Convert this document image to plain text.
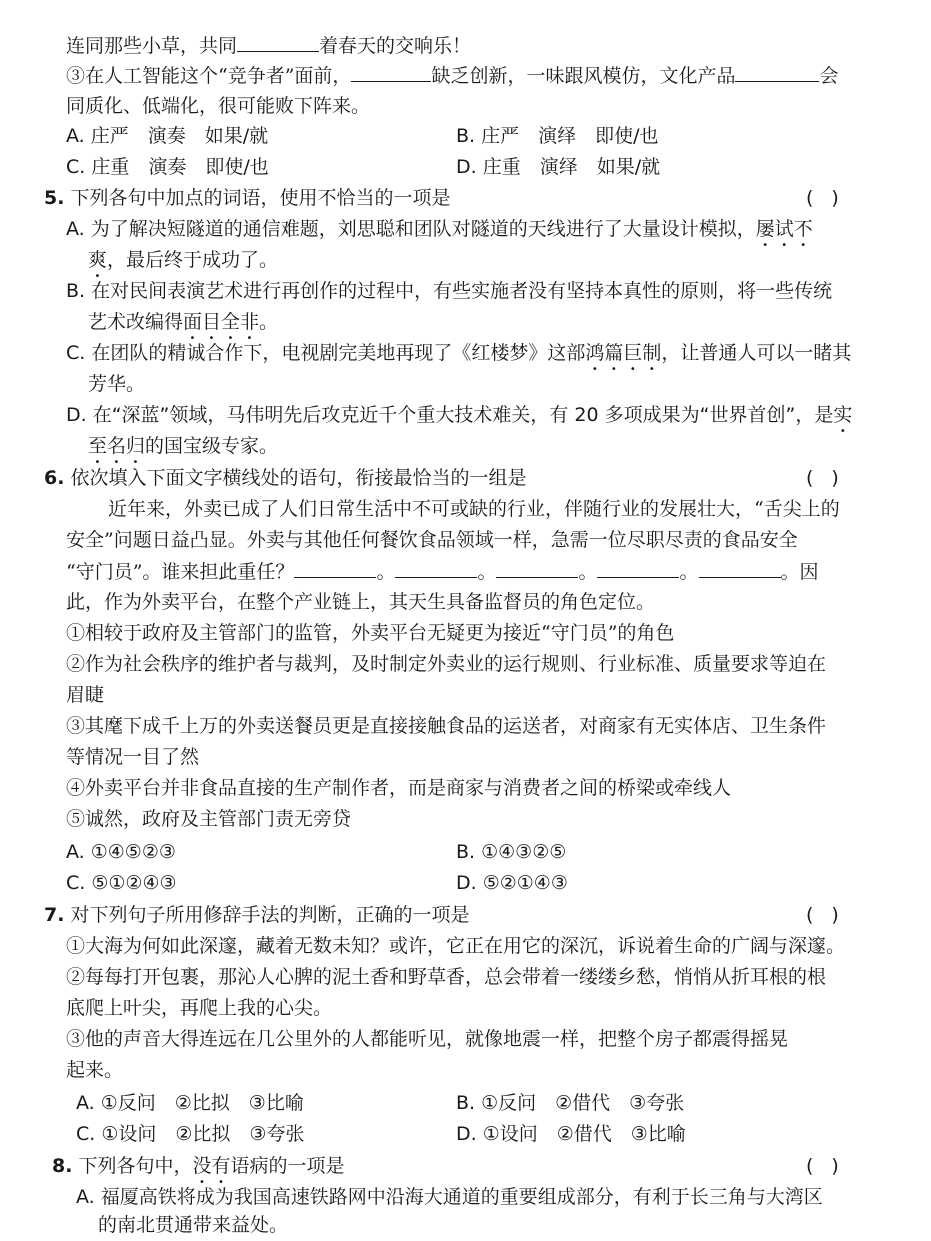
连同那些小草，共同	着春天的交响乐！
③在人工智能这个“竞争者”面前，	缺乏创新，一味跟风模仿，文化产品	会
同质化、低端化，很可能败下阵来。
A. 庄严　演奏　如果/就	B. 庄严　演绎　即使/也
C. 庄重　演奏　即使/也	D. 庄重　演绎　如果/就
5. 下列各句中加点的词语，使用不恰当的一项是	()
A. 为了解决短隧道的通信难题，刘思聪和团队对隧道的天线进行了大量设计模拟，屡试不
爽，最后终于成功了。
B. 在对民间表演艺术进行再创作的过程中，有些实施者没有坚持本真性的原则，将一些传统
艺术改编得面目全非。
C. 在团队的精诚合作下，电视剧完美地再现了《红楼梦》这部鸿篇巨制，让普通人可以一睹其
芳华。
D. 在“深蓝”领域，马伟明先后攻克近千个重大技术难关，有 20 多项成果为“世界首创”，是实
至名归的国宝级专家。
6. 依次填入下面文字横线处的语句，衔接最恰当的一组是	()
近年来，外卖已成了人们日常生活中不可或缺的行业，伴随行业的发展壮大，“舌尖上的
安全”问题日益凸显。外卖与其他任何餐饮食品领域一样，急需一位尽职尽责的食品安全
“守门员”。谁来担此重任？	。	。	。	。	。因
此，作为外卖平台，在整个产业链上，其天生具备监督员的角色定位。
①相较于政府及主管部门的监管，外卖平台无疑更为接近“守门员”的角色
②作为社会秩序的维护者与裁判，及时制定外卖业的运行规则、行业标准、质量要求等迫在
眉睫
③其麾下成千上万的外卖送餐员更是直接接触食品的运送者，对商家有无实体店、卫生条件
等情况一目了然
④外卖平台并非食品直接的生产制作者，而是商家与消费者之间的桥梁或牵线人
⑤诚然，政府及主管部门责无旁贷
A. ①④⑤②③	B. ①④③②⑤
C. ⑤①②④③	D. ⑤②①④③
7. 对下列句子所用修辞手法的判断，正确的一项是	()
①大海为何如此深邃，藏着无数未知？或许，它正在用它的深沉，诉说着生命的广阔与深邃。
②每每打开包裹，那沁人心脾的泥土香和野草香，总会带着一缕缕乡愁，悄悄从折耳根的根
底爬上叶尖，再爬上我的心尖。
③他的声音大得连远在几公里外的人都能听见，就像地震一样，把整个房子都震得摇晃
起来。
A. ①反问　②比拟　③比喻	B. ①反问　②借代　③夸张
C. ①设问　②比拟　③夸张	D. ①设问　②借代　③比喻
8. 下列各句中，没有语病的一项是	()
A. 福厦高铁将成为我国高速铁路网中沿海大通道的重要组成部分，有利于长三角与大湾区
的南北贯通带来益处。
